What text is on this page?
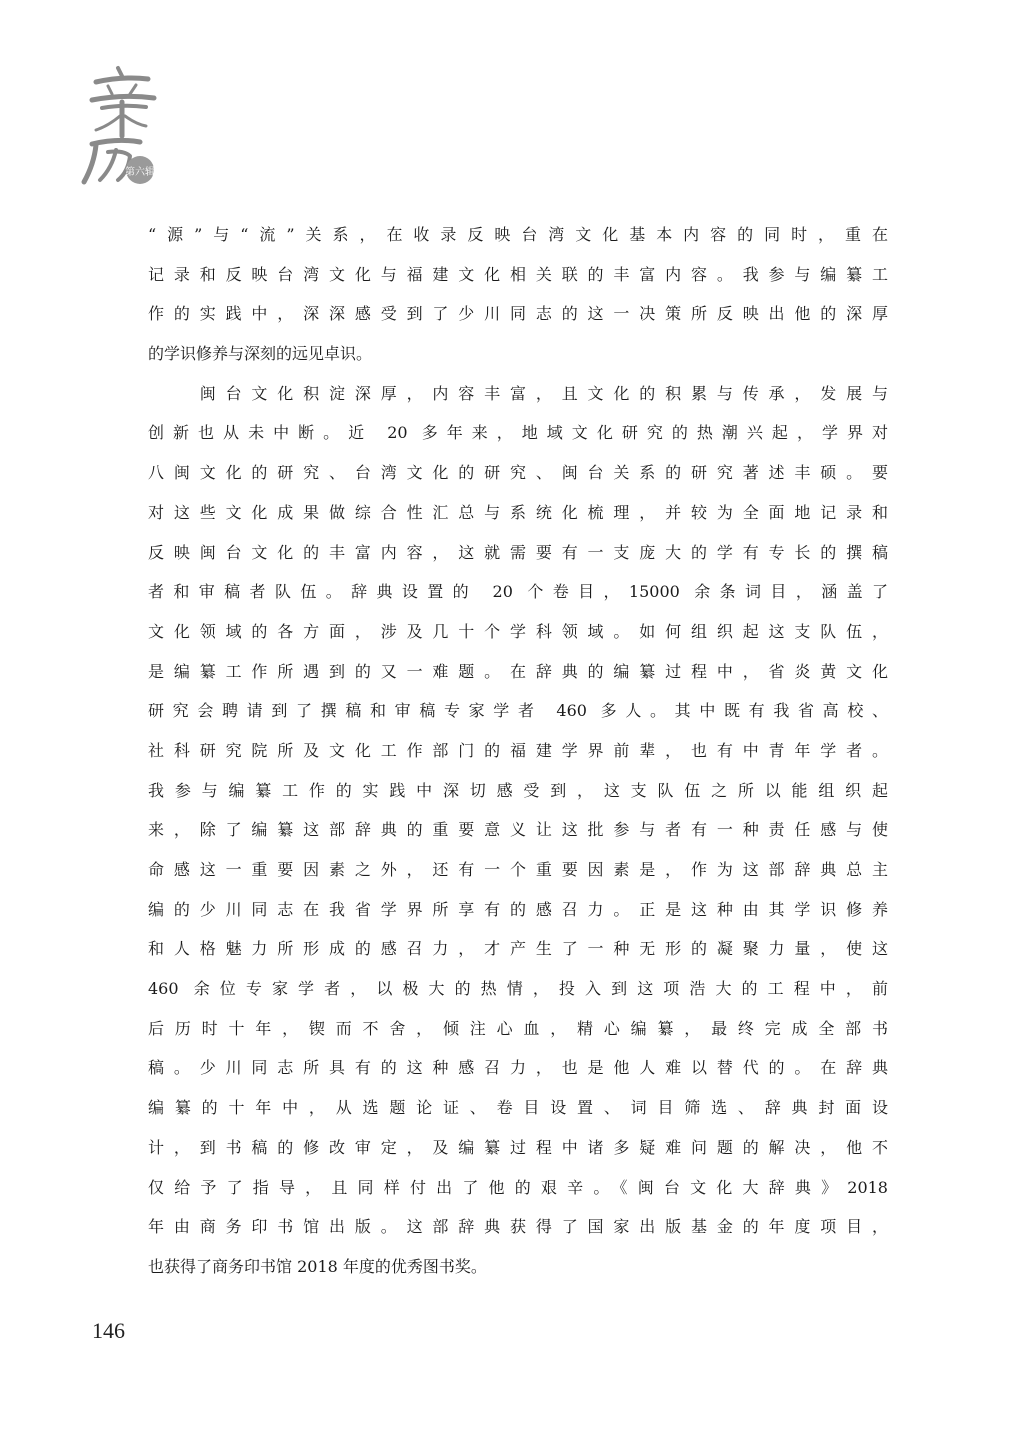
第六辑
“源”与“流”关系，在收录反映台湾文化基本内容的同时，重在
记录和反映台湾文化与福建文化相关联的丰富内容。我参与编纂工
作的实践中，深深感受到了少川同志的这一决策所反映出他的深厚
的学识修养与深刻的远见卓识。
　　闽台文化积淀深厚，内容丰富，且文化的积累与传承，发展与
创新也从未中断。近 20 多年来，地域文化研究的热潮兴起，学界对
八闽文化的研究、台湾文化的研究、闽台关系的研究著述丰硕。要
对这些文化成果做综合性汇总与系统化梳理，并较为全面地记录和
反映闽台文化的丰富内容，这就需要有一支庞大的学有专长的撰稿
者和审稿者队伍。辞典设置的 20 个卷目，15000 余条词目，涵盖了
文化领域的各方面，涉及几十个学科领域。如何组织起这支队伍，
是编纂工作所遇到的又一难题。在辞典的编纂过程中，省炎黄文化
研究会聘请到了撰稿和审稿专家学者 460 多人。其中既有我省高校、
社科研究院所及文化工作部门的福建学界前辈，也有中青年学者。
我参与编纂工作的实践中深切感受到，这支队伍之所以能组织起
来，除了编纂这部辞典的重要意义让这批参与者有一种责任感与使
命感这一重要因素之外，还有一个重要因素是，作为这部辞典总主
编的少川同志在我省学界所享有的感召力。正是这种由其学识修养
和人格魅力所形成的感召力，才产生了一种无形的凝聚力量，使这
460 余位专家学者，以极大的热情，投入到这项浩大的工程中，前
后历时十年，锲而不舍，倾注心血，精心编纂，最终完成全部书
稿。少川同志所具有的这种感召力，也是他人难以替代的。在辞典
编纂的十年中，从选题论证、卷目设置、词目筛选、辞典封面设
计，到书稿的修改审定，及编纂过程中诸多疑难问题的解决，他不
仅给予了指导，且同样付出了他的艰辛。《闽台文化大辞典》2018
年由商务印书馆出版。这部辞典获得了国家出版基金的年度项目，
也获得了商务印书馆 2018 年度的优秀图书奖。
146
